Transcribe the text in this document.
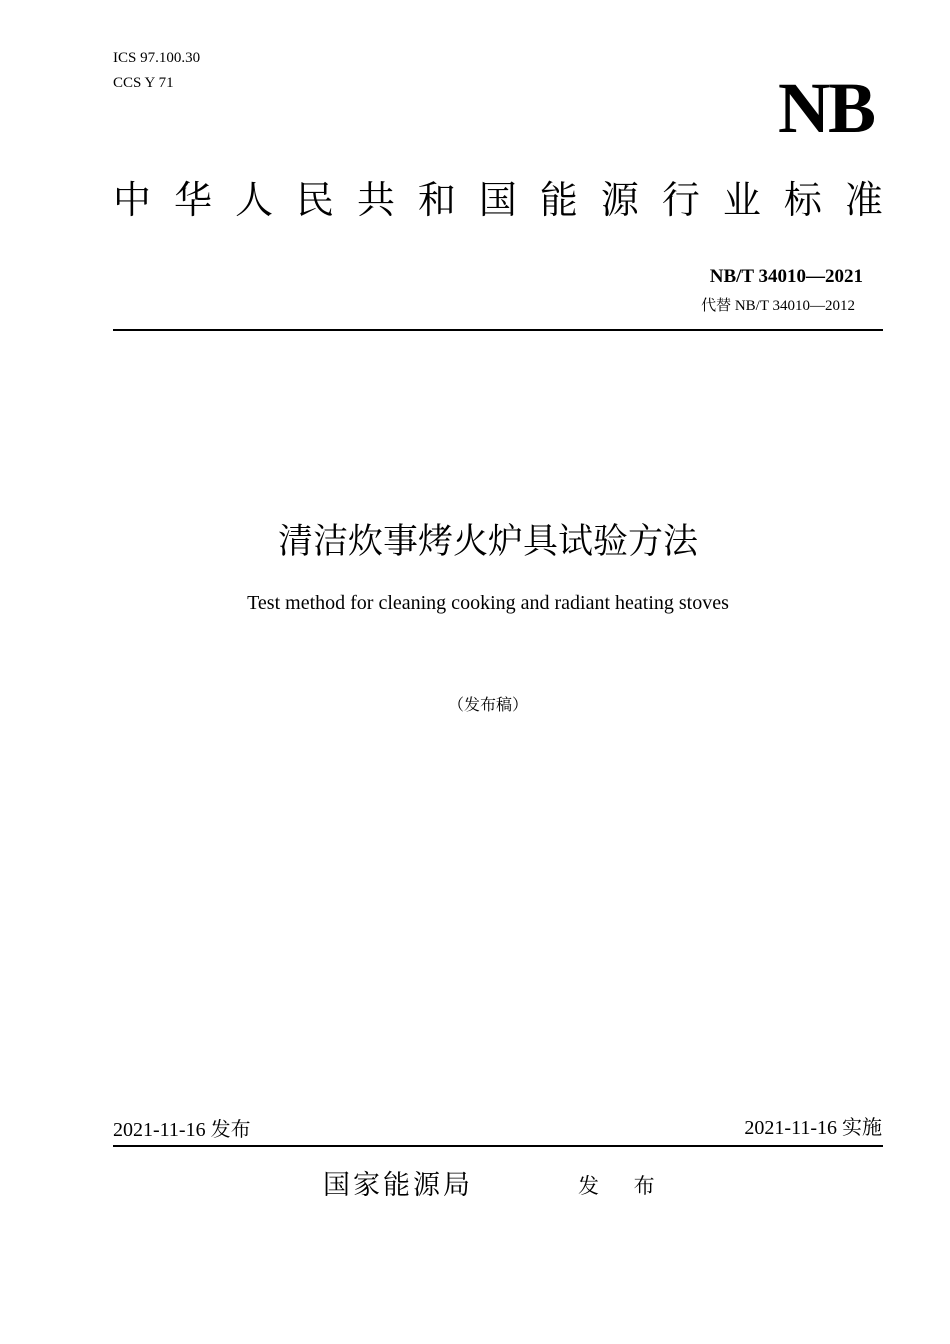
ICS 97.100.30
CCS Y 71	NB
中 华 人 民 共 和 国 能 源 行 业 标 准
NB/T 34010—2021
代替 NB/T 34010—2012
清洁炊事烤火炉具试验方法
Test method for cleaning cooking and radiant heating stoves
（发布稿）
2021-11-16 发布	2021-11-16 实施
国家能源局	发 布
